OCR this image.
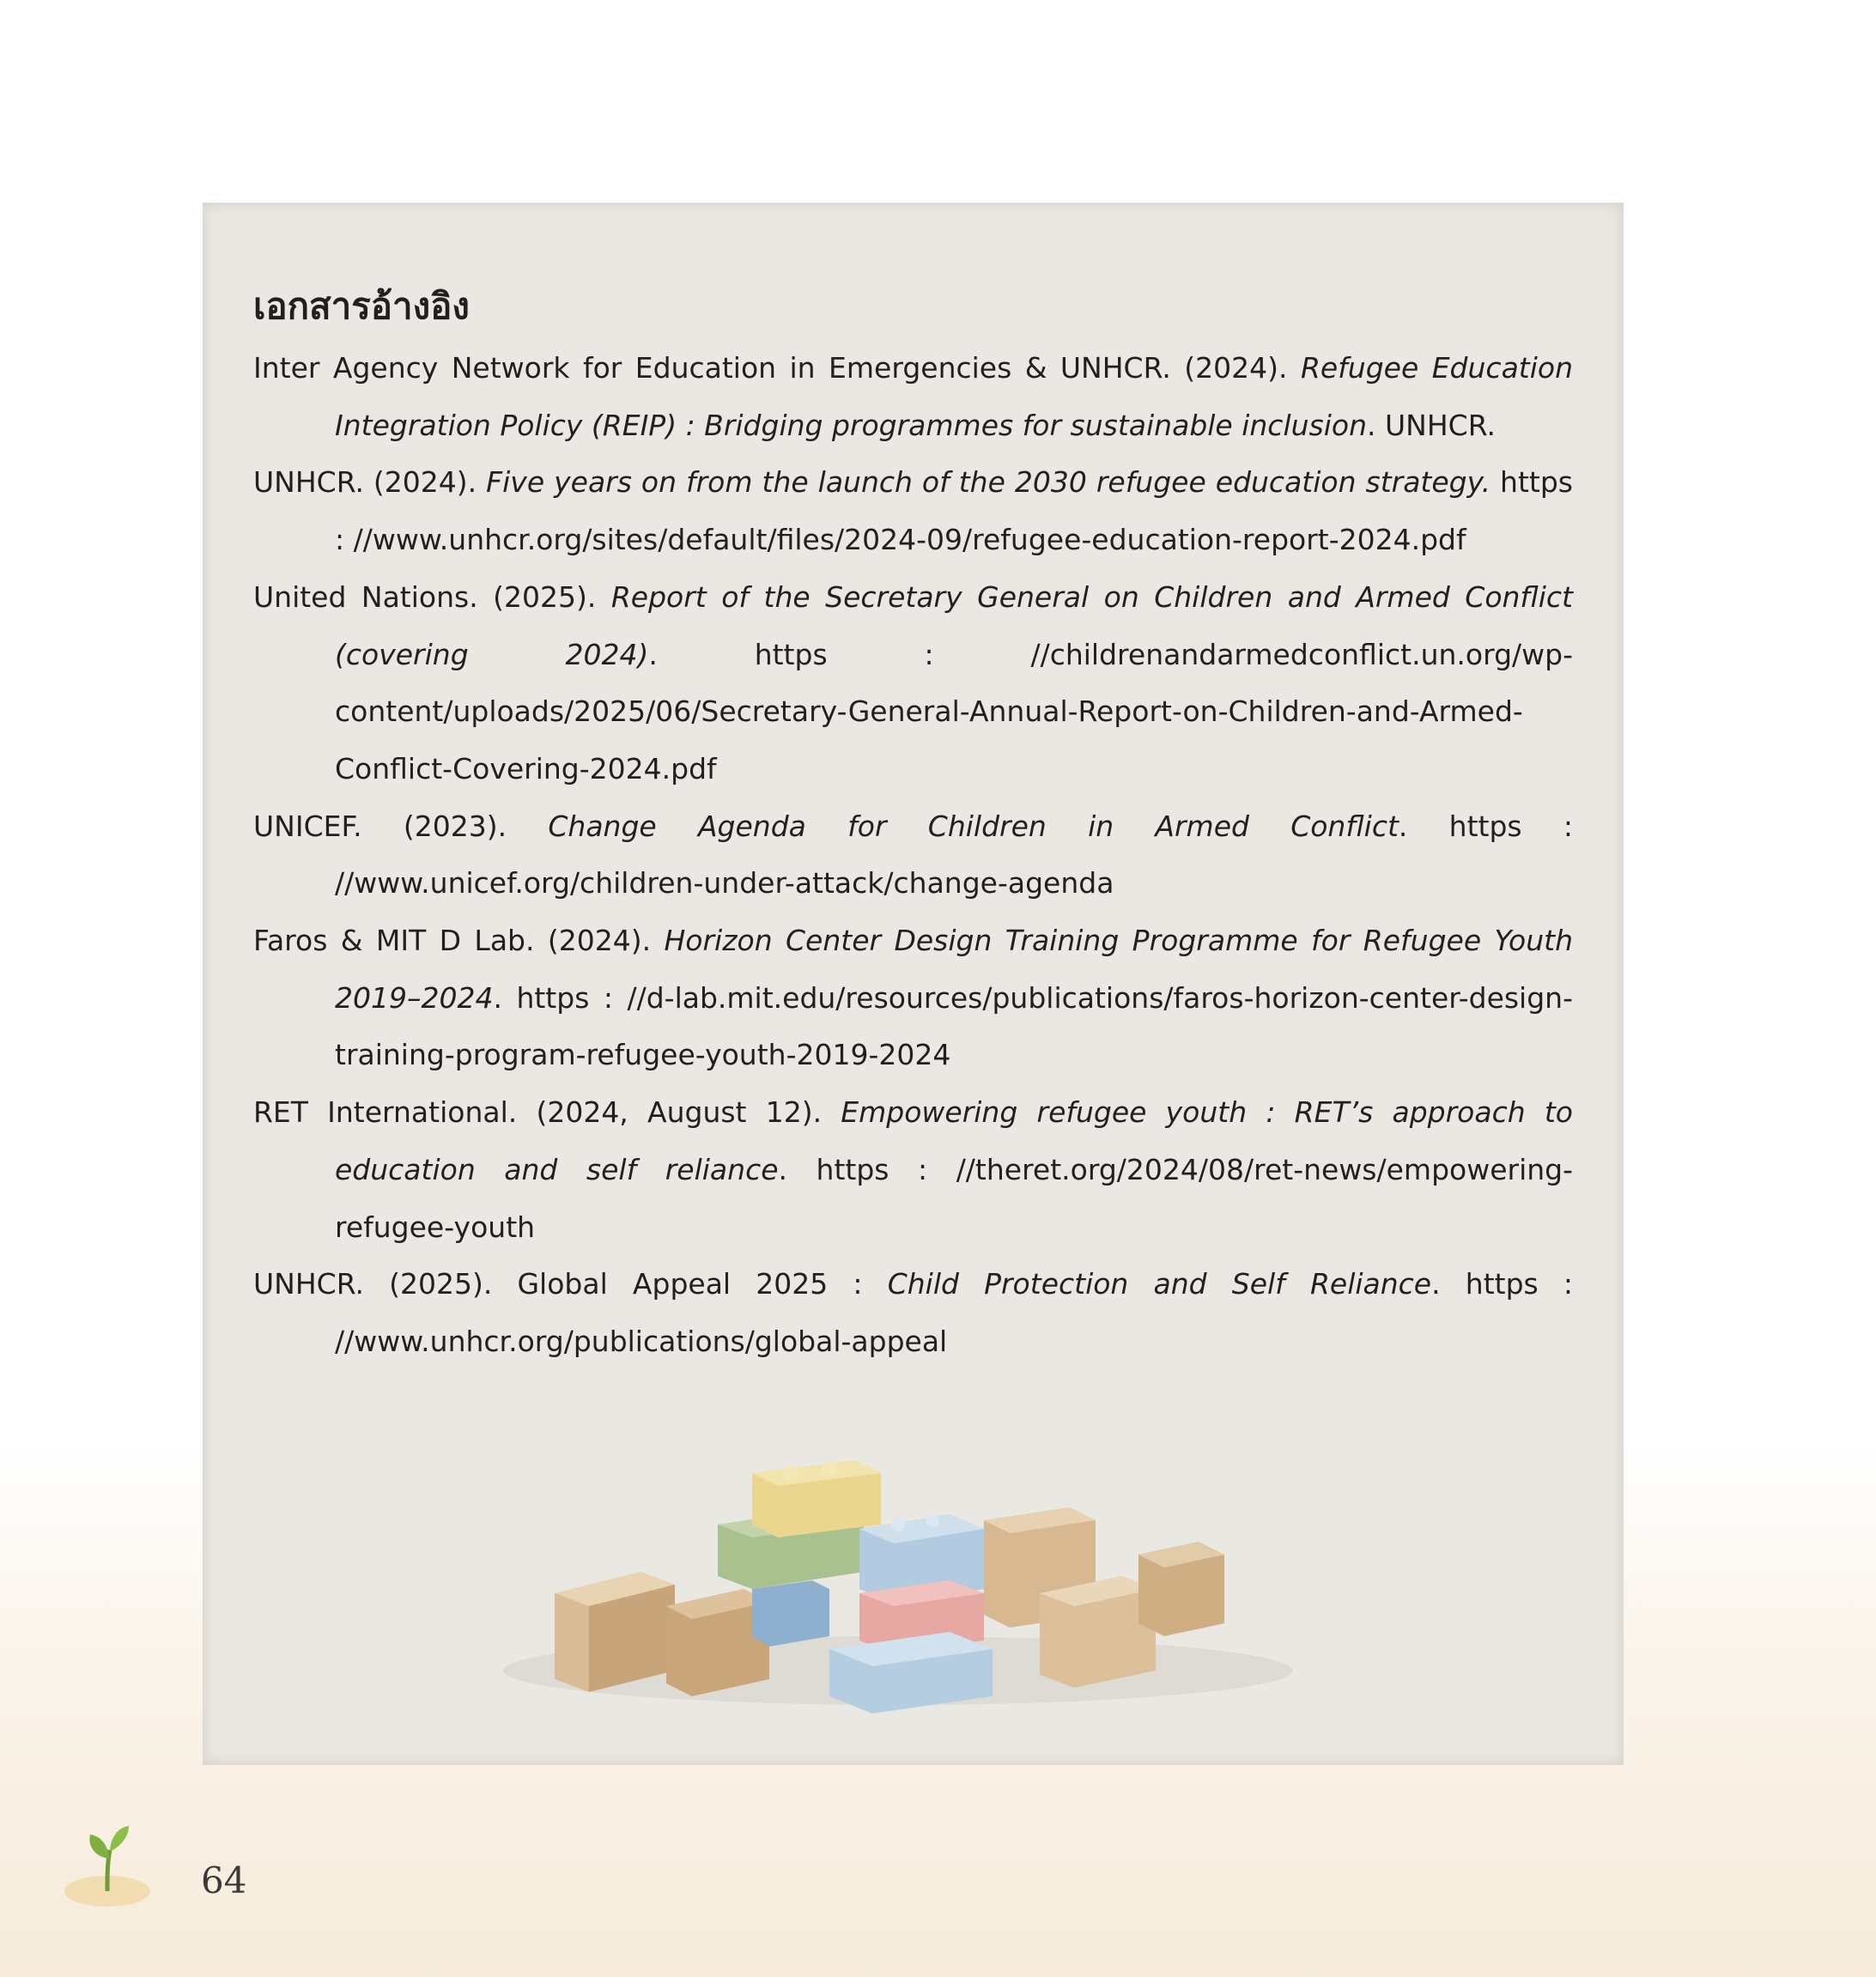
เอกสารอ้างอิง
Inter Agency Network for Education in Emergencies & UNHCR. (2024). Refugee Education Integration Policy (REIP) : Bridging programmes for sustainable inclusion. UNHCR.
UNHCR. (2024). Five years on from the launch of the 2030 refugee education strategy. https : //www.unhcr.org/sites/default/files/2024-09/refugee-education-report-2024.pdf
United Nations. (2025). Report of the Secretary General on Children and Armed Conflict (covering 2024). https : //childrenandarmedconflict.un.org/wp-content/uploads/2025/06/Secretary-General-Annual-Report-on-Children-and-Armed-Conflict-Covering-2024.pdf
UNICEF. (2023). Change Agenda for Children in Armed Conflict. https : //www.unicef.org/children-under-attack/change-agenda
Faros & MIT D Lab. (2024). Horizon Center Design Training Programme for Refugee Youth 2019–2024. https : //d-lab.mit.edu/resources/publications/faros-horizon-center-design-training-program-refugee-youth-2019-2024
RET International. (2024, August 12). Empowering refugee youth : RET’s approach to education and self reliance. https : //theret.org/2024/08/ret-news/empowering-refugee-youth
UNHCR. (2025). Global Appeal 2025 : Child Protection and Self Reliance. https : //www.unhcr.org/publications/global-appeal
64
